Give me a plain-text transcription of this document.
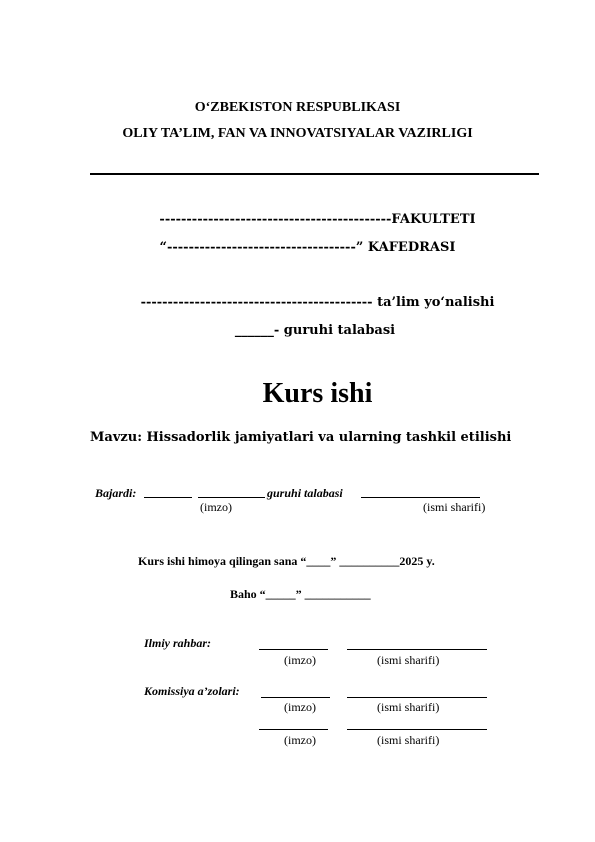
O‘ZBEKISTON RESPUBLIKASI
OLIY TA’LIM, FAN VA INNOVATSIYALAR VAZIRLIGI
-------------------------------------------FAKULTETI
“-----------------------------------” KAFEDRASI
------------------------------------------- ta’lim yo‘nalishi
______- guruhi talabasi
Kurs ishi
Mavzu: Hissadorlik jamiyatlari va ularning tashkil etilishi
Bajardi:	guruhi talabasi
(imzo)	(ismi sharifi)
Kurs ishi himoya qilingan sana “____” __________2025 y.
Baho “_____” ___________
Ilmiy rahbar:
(imzo)	(ismi sharifi)
Komissiya a’zolari:
(imzo)	(ismi sharifi)
(imzo)	(ismi sharifi)
